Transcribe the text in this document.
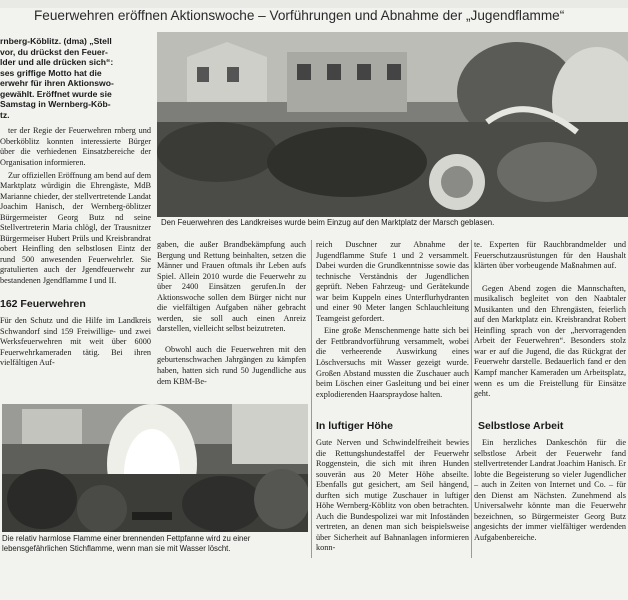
Feuerwehren eröffnen Aktionswoche – Vorführungen und Abnahme der „Jugendflamme“
Den Feuerwehren des Landkreises wurde beim Einzug auf den Marktplatz der Marsch geblasen.
rnberg-Köblitz. (dma) „Stell
vor, du drückst den Feuer-
lder und alle drücken sich“:
ses griffige Motto hat die
erwehr für ihren Aktionswo-
gewählt. Eröffnet wurde sie
Samstag in Wernberg-Köb-
tz.

ter der Regie der Feuerwehren rnberg und Oberköblitz konnten interessierte Bürger über die verhiedenen Einsatzbereiche der Organisation informieren.

Zur offiziellen Eröffnung am bend auf dem Marktplatz würdigin die Ehrengäste, MdB Marianne chieder, der stellvertretende Landat Joachim Hanisch, der Wernberg-öblitzer Bürgermeister Georg Butz nd seine Stellvertreterin Maria chlögl, der Trausnitzer Bürgermeiser Hubert Prüls und Kreisbrandrat obert Heinfling den selbstlosen Eintz der rund 500 anwesenden Feuerwehrler. Sie gratulierten auch der Jgendfeuerwehr zur bestandenen Jgendflamme I und II.

162 Feuerwehren

Für den Schutz und die Hilfe im Landkreis Schwandorf sind 159 Freiwillige- und zwei Werksfeuerwehren mit weit über 6000 Feuerwehrkameraden tätig. Bei ihren vielfältigen Auf-

gaben, die außer Brandbekämpfung auch Bergung und Rettung beinhalten, setzen die Männer und Frauen oftmals ihr Leben aufs Spiel. Allein 2010 wurde die Feuerwehr zu über 2400 Einsätzen gerufen.In der Aktionswoche sollen dem Bürger nicht nur die vielfältigen Aufgaben näher gebracht werden, sie soll auch einen Anreiz darstellen, vielleicht selbst beizutreten.

Obwohl auch die Feuerwehren mit den geburtenschwachen Jahrgängen zu kämpfen haben, hatten sich rund 50 Jugendliche aus dem KBM-Be-

Die relativ harmlose Flamme einer brennenden Fettpfanne wird zu einer lebensgefährlichen Stichflamme, wenn man sie mit Wasser löscht.

reich Duschner zur Abnahme der Jugendflamme Stufe 1 und 2 versammelt. Dabei wurden die Grundkenntnisse sowie das technische Verständnis der Jugendlichen geprüft. Neben Fahrzeug- und Gerätekunde war beim Kuppeln eines Unterflurhydranten und einer 90 Meter langen Schlauchleitung Teamgeist gefordert.

Eine große Menschenmenge hatte sich bei der Fettbrandvorführung versammelt, wobei die verheerende Auswirkung eines Löschversuchs mit Wasser gezeigt wurde. Großen Abstand mussten die Zuschauer auch beim Löschen einer Gasleitung und bei einer explodierenden Haarspraydose halten.

In luftiger Höhe

Gute Nerven und Schwindelfreiheit bewies die Rettungshundestaffel der Feuerwehr Roggenstein, die sich mit ihren Hunden souverän aus 20 Meter Höhe abseilte. Ebenfalls gut gesichert, am Seil hängend, durften sich mutige Zuschauer in luftiger Höhe Wernberg-Köblitz von oben betrachten. Auch die Bundespolizei war mit Infoständen vertreten, an denen man sich beispielsweise über Sicherheit auf Bahnanlagen informieren konn-

te. Experten für Rauchbrandmelder und Feuerschutzausrüstungen für den Haushalt klärten über vorbeugende Maßnahmen auf.

Gegen Abend zogen die Mannschaften, musikalisch begleitet von den Naabtaler Musikanten und den Ehrengästen, feierlich auf den Marktplatz ein. Kreisbrandrat Robert Heinfling sprach von der „hervorragenden Arbeit der Feuerwehren“. Besonders stolz war er auf die Jugend, die das Rückgrat der Feuerwehr darstelle. Bedauerlich fand er den Kampf mancher Kameraden um Arbeitsplatz, wenn es um die Freistellung für Einsätze geht.

Selbstlose Arbeit

Ein herzliches Dankeschön für die selbstlose Arbeit der Feuerwehr fand stellvertretender Landrat Joachim Hanisch. Er lobte die Begeisterung so vieler Jugendlicher – auch in Zeiten von Internet und Co. – für den Dienst am Nächsten. Zunehmend als Universalwehr könnte man die Feuerwehr bezeichnen, so Bürgermeister Georg Butz angesichts der immer vielfältiger werdenden Aufgabenbereiche.
